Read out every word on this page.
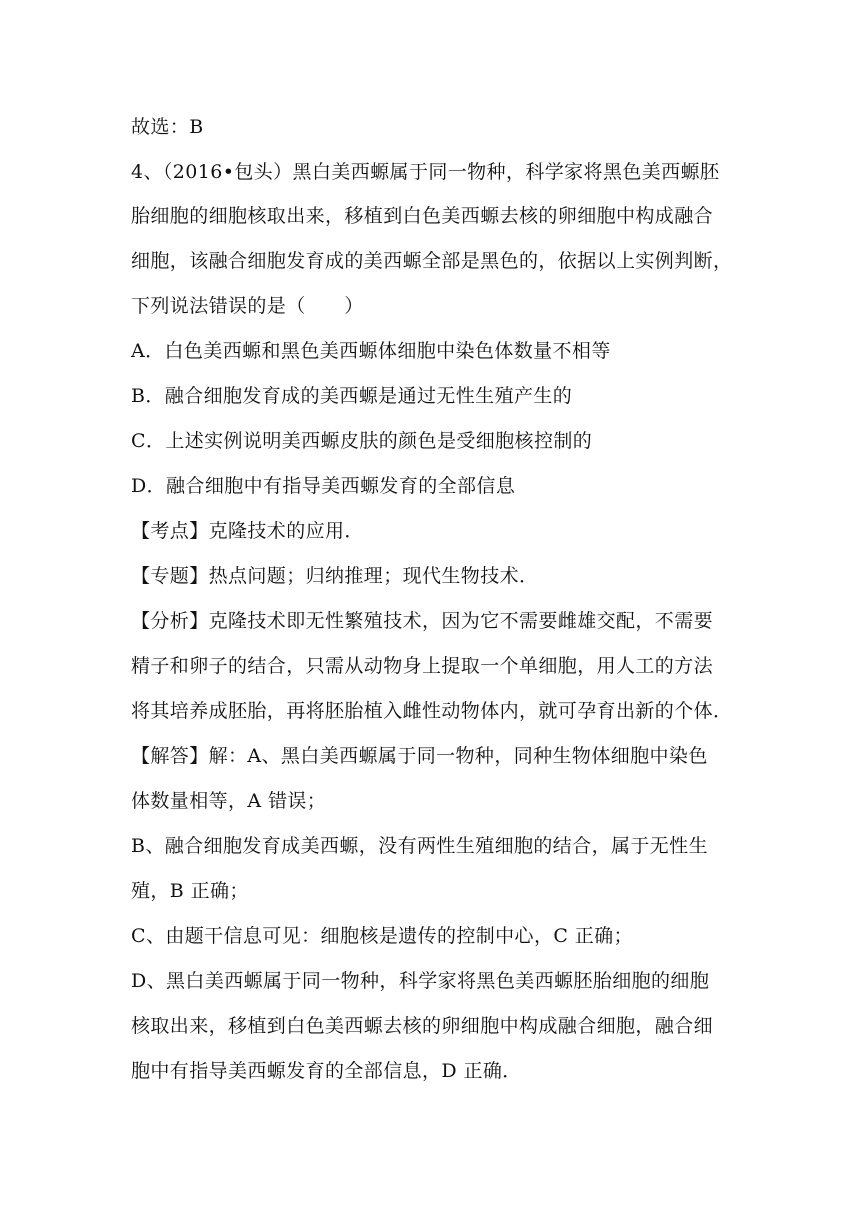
故选：B
4、（2016•包头）黑白美西螈属于同一物种，科学家将黑色美西螈胚
胎细胞的细胞核取出来，移植到白色美西螈去核的卵细胞中构成融合
细胞，该融合细胞发育成的美西螈全部是黑色的，依据以上实例判断，
下列说法错误的是（　　）
A．白色美西螈和黑色美西螈体细胞中染色体数量不相等
B．融合细胞发育成的美西螈是通过无性生殖产生的
C．上述实例说明美西螈皮肤的颜色是受细胞核控制的
D．融合细胞中有指导美西螈发育的全部信息
【考点】克隆技术的应用．
【专题】热点问题；归纳推理；现代生物技术．
【分析】克隆技术即无性繁殖技术，因为它不需要雌雄交配，不需要
精子和卵子的结合，只需从动物身上提取一个单细胞，用人工的方法
将其培养成胚胎，再将胚胎植入雌性动物体内，就可孕育出新的个体．
【解答】解：A、黑白美西螈属于同一物种，同种生物体细胞中染色
体数量相等，A 错误；
B、融合细胞发育成美西螈，没有两性生殖细胞的结合，属于无性生
殖，B 正确；
C、由题干信息可见：细胞核是遗传的控制中心，C 正确；
D、黑白美西螈属于同一物种，科学家将黑色美西螈胚胎细胞的细胞
核取出来，移植到白色美西螈去核的卵细胞中构成融合细胞，融合细
胞中有指导美西螈发育的全部信息，D 正确．
